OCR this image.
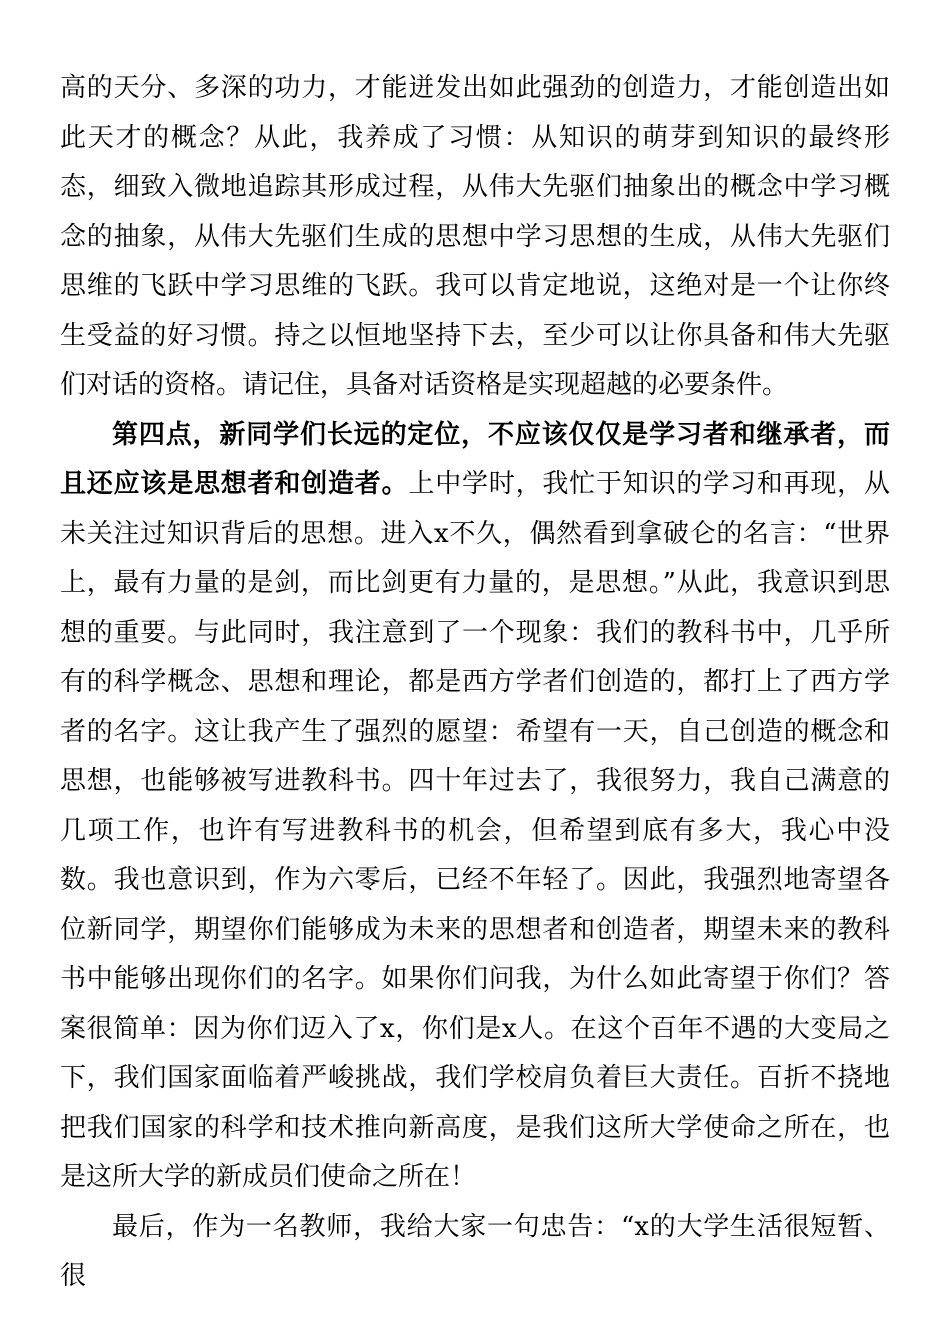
高的天分、多深的功力，才能迸发出如此强劲的创造力，才能创造出如此天才的概念？从此，我养成了习惯：从知识的萌芽到知识的最终形态，细致入微地追踪其形成过程，从伟大先驱们抽象出的概念中学习概念的抽象，从伟大先驱们生成的思想中学习思想的生成，从伟大先驱们思维的飞跃中学习思维的飞跃。我可以肯定地说，这绝对是一个让你终生受益的好习惯。持之以恒地坚持下去，至少可以让你具备和伟大先驱们对话的资格。请记住，具备对话资格是实现超越的必要条件。

第四点，新同学们长远的定位，不应该仅仅是学习者和继承者，而且还应该是思想者和创造者。上中学时，我忙于知识的学习和再现，从未关注过知识背后的思想。进入x不久，偶然看到拿破仑的名言：“世界上，最有力量的是剑，而比剑更有力量的，是思想。”从此，我意识到思想的重要。与此同时，我注意到了一个现象：我们的教科书中，几乎所有的科学概念、思想和理论，都是西方学者们创造的，都打上了西方学者的名字。这让我产生了强烈的愿望：希望有一天，自己创造的概念和思想，也能够被写进教科书。四十年过去了，我很努力，我自己满意的几项工作，也许有写进教科书的机会，但希望到底有多大，我心中没数。我也意识到，作为六零后，已经不年轻了。因此，我强烈地寄望各位新同学，期望你们能够成为未来的思想者和创造者，期望未来的教科书中能够出现你们的名字。如果你们问我，为什么如此寄望于你们？答案很简单：因为你们迈入了x，你们是x人。在这个百年不遇的大变局之下，我们国家面临着严峻挑战，我们学校肩负着巨大责任。百折不挠地把我们国家的科学和技术推向新高度，是我们这所大学使命之所在，也是这所大学的新成员们使命之所在！

最后，作为一名教师，我给大家一句忠告：“x的大学生活很短暂、很
